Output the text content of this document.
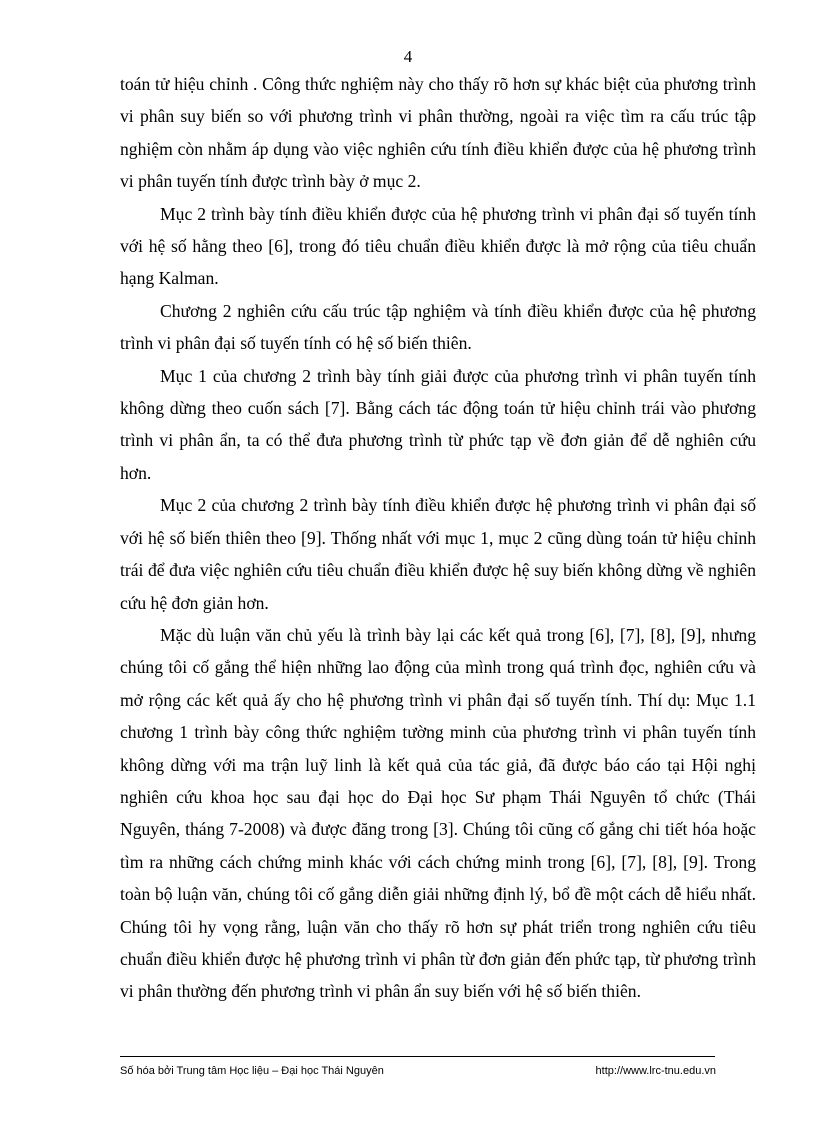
4

toán tử hiệu chỉnh . Công thức nghiệm này cho thấy rõ hơn sự khác biệt của phương trình vi phân suy biến so với phương trình vi phân thường, ngoài ra việc tìm ra cấu trúc tập nghiệm còn nhằm áp dụng vào việc nghiên cứu tính điều khiển được của hệ phương trình vi phân tuyến tính được trình bày ở mục 2.

Mục 2 trình bày tính điều khiển được của hệ phương trình vi phân đại số tuyến tính với hệ số hằng theo [6], trong đó tiêu chuẩn điều khiển được là mở rộng của tiêu chuẩn hạng Kalman.

Chương 2 nghiên cứu cấu trúc tập nghiệm và tính điều khiển được của hệ phương trình vi phân đại số tuyến tính có hệ số biến thiên.

Mục 1 của chương 2 trình bày tính giải được của phương trình vi phân tuyến tính không dừng theo cuốn sách [7]. Bằng cách tác động toán tử hiệu chỉnh trái vào phương trình vi phân ẩn, ta có thể đưa phương trình từ phức tạp về đơn giản để dễ nghiên cứu hơn.

Mục 2 của chương 2 trình bày tính điều khiển được hệ phương trình vi phân đại số với hệ số biến thiên theo [9]. Thống nhất với mục 1, mục 2 cũng dùng toán tử hiệu chỉnh trái để đưa việc nghiên cứu tiêu chuẩn điều khiển được hệ suy biến không dừng về nghiên cứu hệ đơn giản hơn.

Mặc dù luận văn chủ yếu là trình bày lại các kết quả trong [6], [7], [8], [9], nhưng chúng tôi cố gắng thể hiện những lao động của mình trong quá trình đọc, nghiên cứu và mở rộng các kết quả ấy cho hệ phương trình vi phân đại số tuyến tính. Thí dụ: Mục 1.1 chương 1 trình bày công thức nghiệm tường minh của phương trình vi phân tuyến tính không dừng với ma trận luỹ linh là kết quả của tác giả, đã được báo cáo tại Hội nghị nghiên cứu khoa học sau đại học do Đại học Sư phạm Thái Nguyên tổ chức (Thái Nguyên, tháng 7-2008) và được đăng trong [3]. Chúng tôi cũng cố gắng chi tiết hóa hoặc tìm ra những cách chứng minh khác với cách chứng minh trong [6], [7], [8], [9]. Trong toàn bộ luận văn, chúng tôi cố gắng diễn giải những định lý, bổ đề một cách dễ hiểu nhất. Chúng tôi hy vọng rằng, luận văn cho thấy rõ hơn sự phát triển trong nghiên cứu tiêu chuẩn điều khiển được hệ phương trình vi phân từ đơn giản đến phức tạp, từ phương trình vi phân thường đến phương trình vi phân ẩn suy biến với hệ số biến thiên.

Số hóa bởi Trung tâm Học liệu – Đại học Thái Nguyên	http://www.lrc-tnu.edu.vn
